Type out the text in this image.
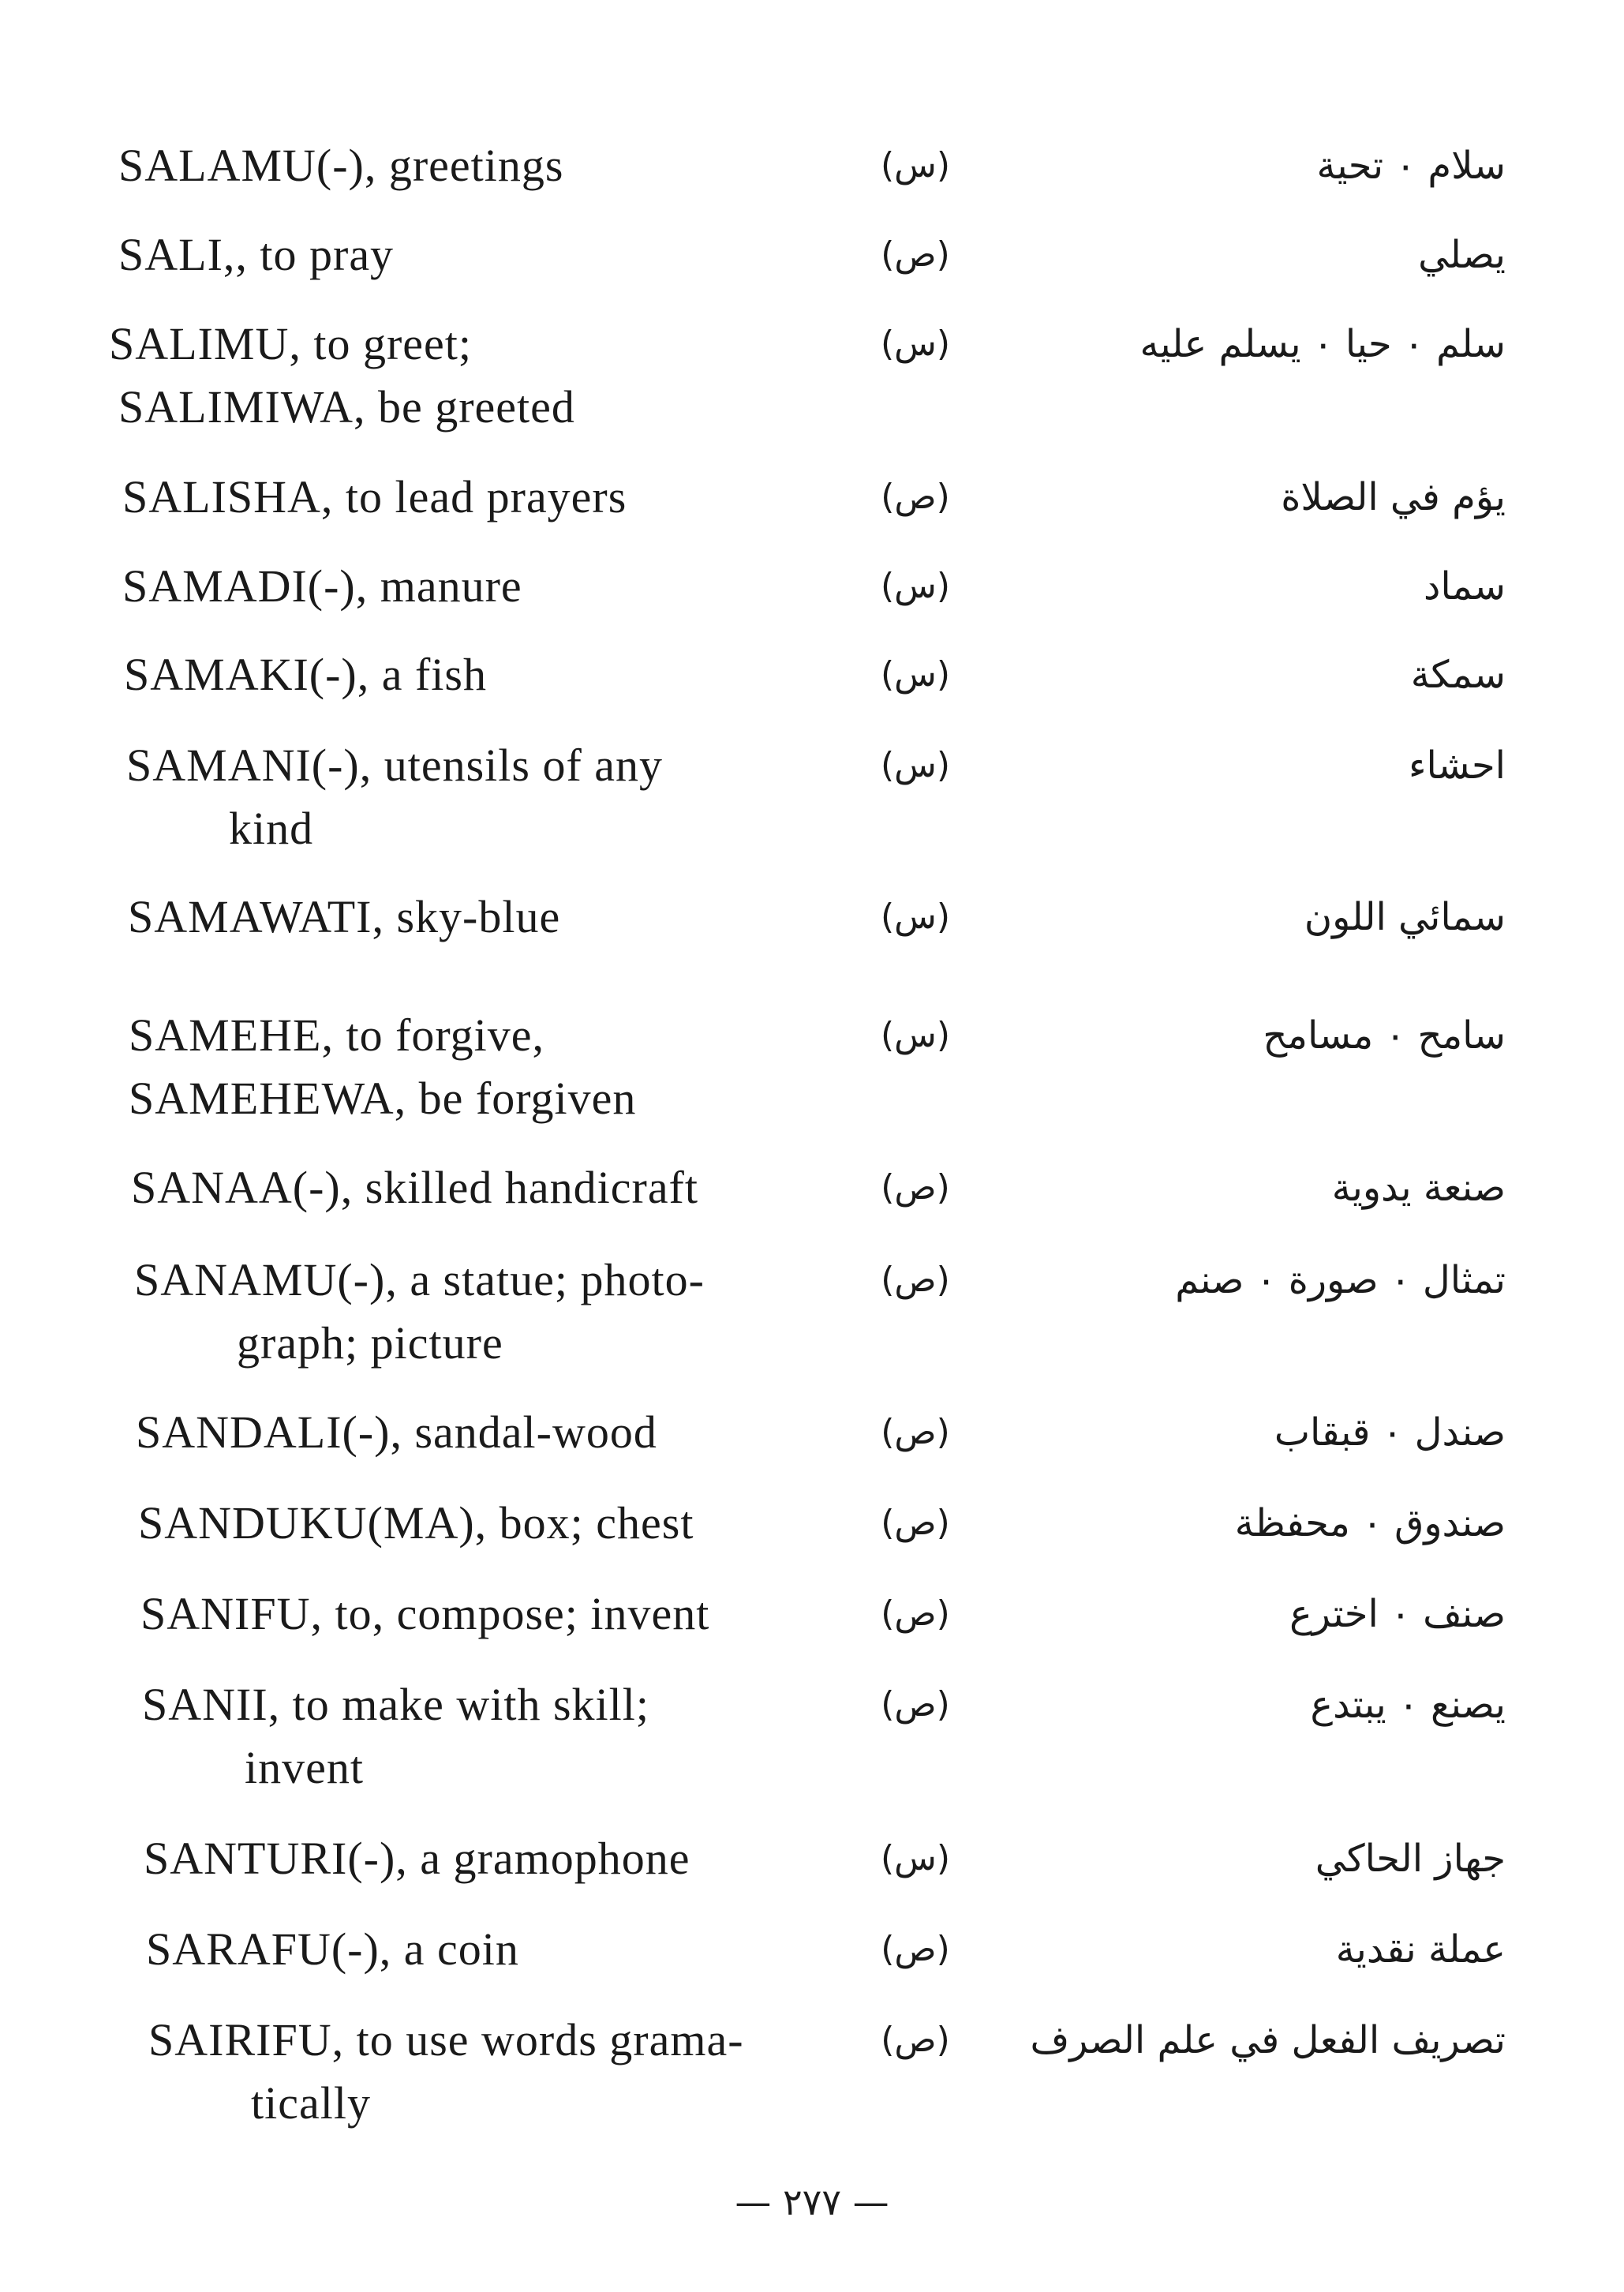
SALAMU(-), greetings	(س)	سلام ٠ تحية
SALI,, to pray	(ص)	يصلي
SALIMU, to greet;
SALIMIWA, be greeted
(س)	سلم ٠ حيا ٠ يسلم عليه
SALISHA, to lead prayers	(ص)	يؤم في الصلاة
SAMADI(-), manure	(س)	سماد
SAMAKI(-), a fish	(س)	سمكة
SAMANI(-), utensils of any
kind
(س)	احشاء
SAMAWATI, sky-blue	(س)	سمائي اللون
SAMEHE, to forgive,
SAMEHEWA, be forgiven
(س)	سامح ٠ مسامح
SANAA(-), skilled handicraft	(ص)	صنعة يدوية
SANAMU(-), a statue; photo-
graph; picture
(ص)	تمثال ٠ صورة ٠ صنم
SANDALI(-), sandal-wood	(ص)	صندل ٠ قبقاب
SANDUKU(MA), box; chest	(ص)	صندوق ٠ محفظة
SANIFU, to, compose; invent	(ص)	صنف ٠ اخترع
SANII, to make with skill;
invent
(ص)	يصنع ٠ يبتدع
SANTURI(-), a gramophone	(س)	جهاز الحاكي
SARAFU(-), a coin	(ص)	عملة نقدية
SAIRIFU, to use words grama-
tically
(ص)	تصريف الفعل في علم الصرف
— ٢٧٧ —
